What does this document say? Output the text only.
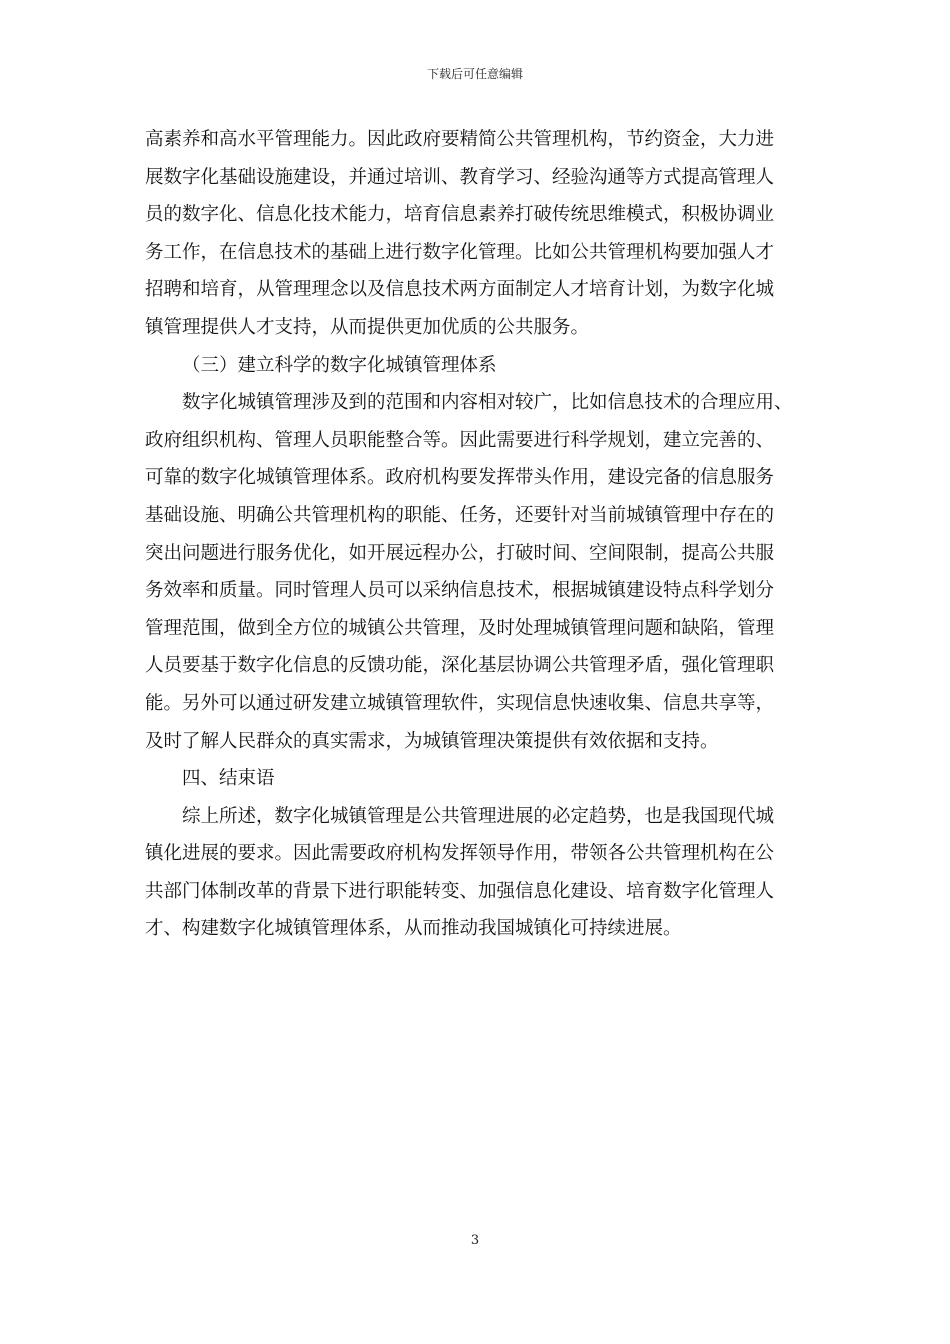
下载后可任意编辑
高素养和高水平管理能力。因此政府要精简公共管理机构，节约资金，大力进
展数字化基础设施建设，并通过培训、教育学习、经验沟通等方式提高管理人
员的数字化、信息化技术能力，培育信息素养打破传统思维模式，积极协调业
务工作，在信息技术的基础上进行数字化管理。比如公共管理机构要加强人才
招聘和培育，从管理理念以及信息技术两方面制定人才培育计划，为数字化城
镇管理提供人才支持，从而提供更加优质的公共服务。
（三）建立科学的数字化城镇管理体系
数字化城镇管理涉及到的范围和内容相对较广，比如信息技术的合理应用、
政府组织机构、管理人员职能整合等。因此需要进行科学规划，建立完善的、
可靠的数字化城镇管理体系。政府机构要发挥带头作用，建设完备的信息服务
基础设施、明确公共管理机构的职能、任务，还要针对当前城镇管理中存在的
突出问题进行服务优化，如开展远程办公，打破时间、空间限制，提高公共服
务效率和质量。同时管理人员可以采纳信息技术，根据城镇建设特点科学划分
管理范围，做到全方位的城镇公共管理，及时处理城镇管理问题和缺陷，管理
人员要基于数字化信息的反馈功能，深化基层协调公共管理矛盾，强化管理职
能。另外可以通过研发建立城镇管理软件，实现信息快速收集、信息共享等，
及时了解人民群众的真实需求，为城镇管理决策提供有效依据和支持。
四、结束语
综上所述，数字化城镇管理是公共管理进展的必定趋势，也是我国现代城
镇化进展的要求。因此需要政府机构发挥领导作用，带领各公共管理机构在公
共部门体制改革的背景下进行职能转变、加强信息化建设、培育数字化管理人
才、构建数字化城镇管理体系，从而推动我国城镇化可持续进展。
3
